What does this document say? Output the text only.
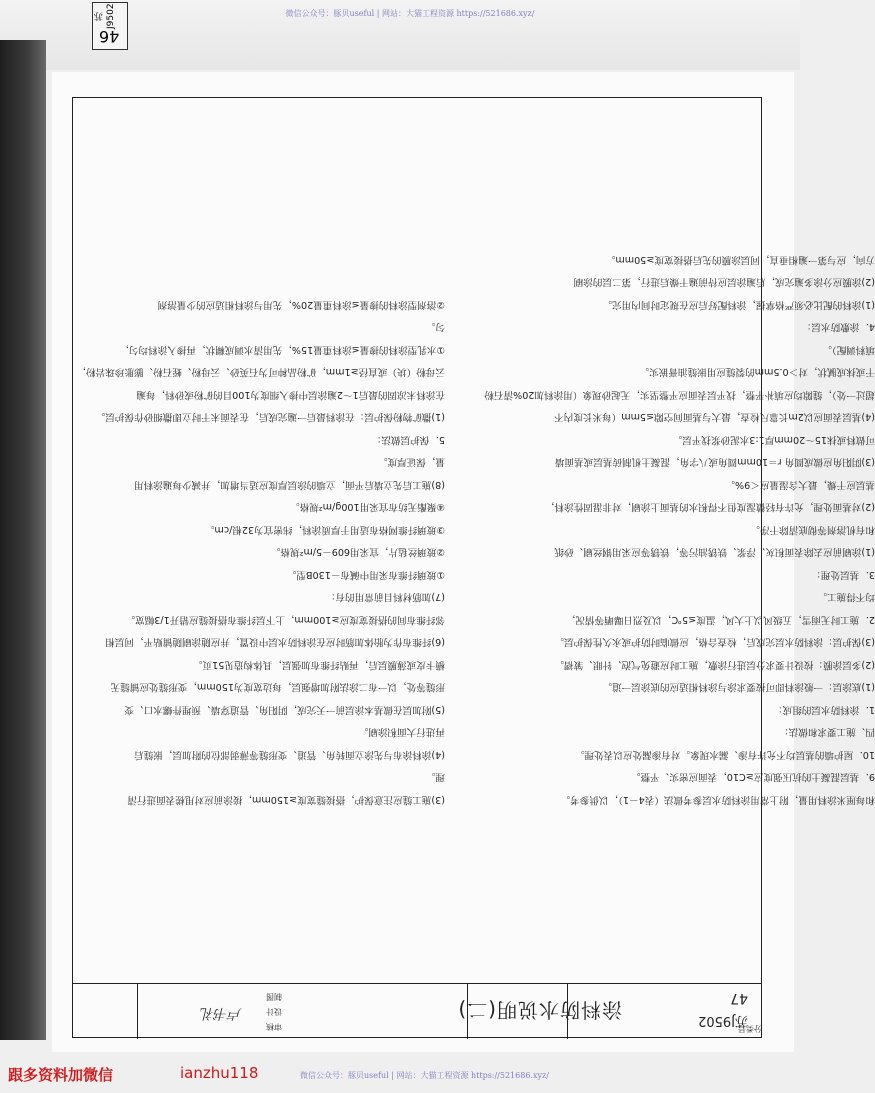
微信公众号：豚贝useful | 网站：大猫工程资源 https://521686.xyz/
苏J9502
46
和每厘米涂料用量，附上常用涂料防水层参考做法（表4－1），以供参考。
9．基层混凝土的抗压强度应≥C10，表面应密实、平整。
10．屋护墙的基层均不允许有渗、漏水现象。对有渗漏处应以表处理。
四、施工要求和做法：
1．涂料防水层的组成：
(1)底涂层：一般涂料即可按要求涂与涂料相适应的底涂层一道。
(2)多层涂膜：按设计要求分层进行涂敷，施工时应避免气泡、针眼、皱褶。
(3)保护层：涂料防水层完成后，检查合格，应做临时防护或永久性保护层。
2．施工时无雨雪，五级风以上大风，温度≤5℃，以及烈日曝晒等情况，
均不得施工。
3．基层处理：
(1)涂刷前应去除表面积灰、浮浆、铁锈油污等，铁锈等应采用钢丝刷、砂纸
和有机溶剂等彻底清除干净。
(2)对基面处理，允许有轻微湿度但不得积水的基面上涂刷，对非湿固性涂料，
基层应干燥，最大含湿量应＜9%。
(3)阴阳角应做成圆角 r＝10mm圆角或八字角，混凝土机制砖基层或基面墙
可做料或抹15～20mm厚1:3水泥砂浆找平层。
(4)基层表面应以2m长靠尺检查，最大与基面间空隙≤5mm（每米长度内不
超过一处），缝隙均应填补平整，找平层表面应平整坚实，无起砂现象（用涂料加20%清石粉
干或抹成腻状，对＞0.5mm的裂缝应用嵌缝油膏嵌实。
填料调配）。
4．涂敷防水层：
(1)涂料的配比必须严格掌握，涂料配好后应在规定时间内用完。
(2)涂膜应分涂多遍完成，后遍涂层应待前遍干燥后进行，第二层的涂刷
方向，应与第一遍相垂直，同层涂膜的先后搭接宽度≥50mm。
(3)施工缝应注意保护，搭接缝宽度≥150mm，接涂前应对甩槎表面进行清
理。
(4)涂料涂布与先涂立面转角、管道、变形缝等薄弱部位的附加层，嵌缝后
再进行大面积涂刷。
(5)附加层在做基本涂层前一天完成，阴阳角、管道穿墙、预埋件螺水口、变
形缝等处，以一布二涂法附加增强层，每边宽度为150mm，变形缝处应铺缝无
横卡皮或薄膜层后，再贴纤维布加强层，具体构造见51页。
(6)纤维布作为胎体加筋时应在涂料防水层中设置，并应随涂刷随铺贴平，同层相
邻纤维布间的搭接宽度应≥100mm，上下层纤维布搭接缝应错开1/3幅宽。
(7)加筋材料目前常用的有：
①玻璃纤维布采用中碱布－130B型。
②玻璃丝毡片，宜采用609－5/m²规格。
③玻璃纤维网格布适用于厚质涂料，纬密宜为32根/cm。
④聚酯无纺布宜采用100g/m²规格。
(8)施工后先立墙后平面，立墙的涂层厚度应适当增加，并减少每遍涂料用
量，保证厚度。
5．保护层做法：
(1)撒矿物粉保护层：在涂料最后一遍完成后，在表面未干时立即撒细砂作保护层。
在涂料未凉固的最后1～2遍涂层中掺入细度为100目的矿粉或砂料，每遍
云母粉（块）或直径≥1mm，矿粉品种可为石英砂、云母粉、蛭石粉、膨胀珍珠岩粉，
①水乳型涂料的掺量≤涂料重量15%，先用清水调成糊状，再掺入涂料均匀，
匀。
②溶剂型涂料的掺量≤涂料重量20%，先用与涂料相适应的少量溶剂
涂料防水说明(二)	苏J9502
47
分类号
审核
设计
制图
卢书礼
微信公众号：豚贝useful | 网站：大猫工程资源 https://521686.xyz/
跟多资料加微信	ianzhu118
